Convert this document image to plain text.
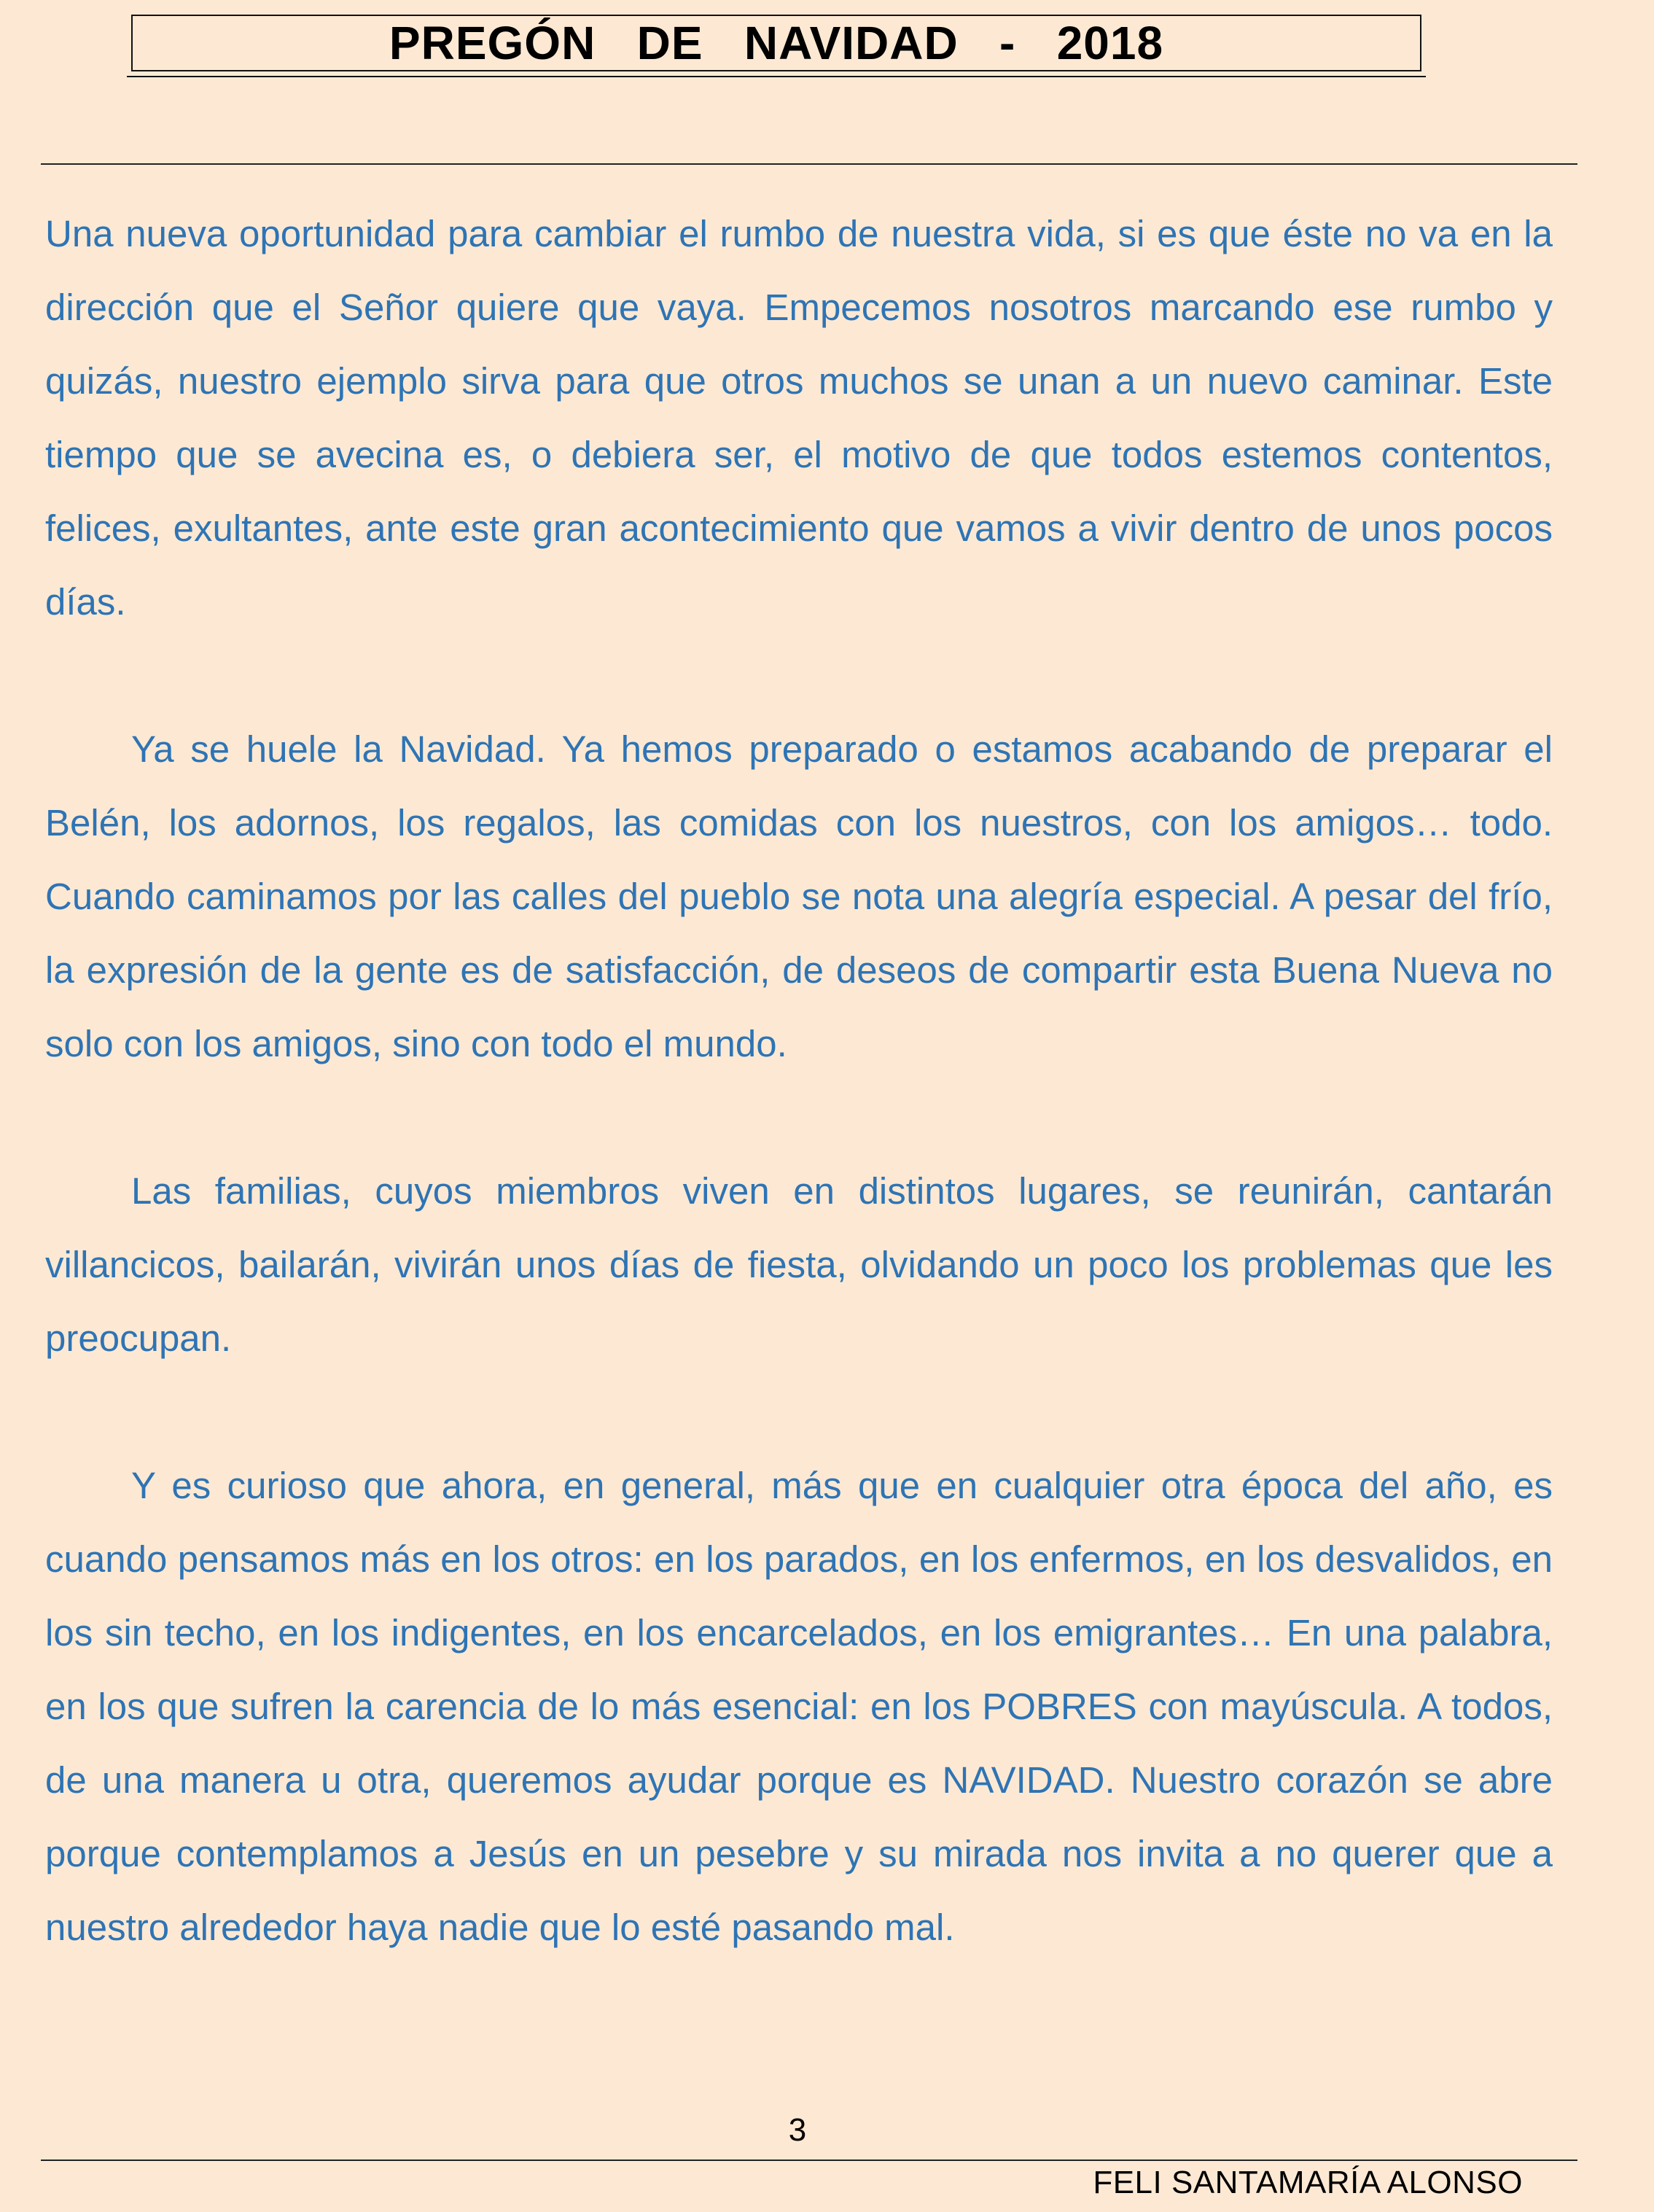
PREGÓN   DE   NAVIDAD   -   2018

Una nueva oportunidad para cambiar el rumbo de nuestra vida, si es que éste no va en la dirección que el Señor quiere que vaya. Empecemos nosotros marcando ese rumbo y quizás, nuestro ejemplo sirva para que otros muchos se unan a un nuevo caminar. Este tiempo que se avecina es, o debiera ser, el motivo de que todos estemos contentos, felices, exultantes, ante este gran acontecimiento que vamos a vivir dentro de unos pocos días.

Ya se huele la Navidad. Ya hemos preparado o estamos acabando de preparar el Belén, los adornos, los regalos, las comidas con los nuestros, con los amigos… todo. Cuando caminamos por las calles del pueblo se nota una alegría especial. A pesar del frío, la expresión de la gente es de satisfacción, de deseos de compartir esta Buena Nueva no solo con los amigos, sino con todo el mundo.

Las familias, cuyos miembros viven en distintos lugares, se reunirán, cantarán villancicos, bailarán, vivirán unos días de fiesta, olvidando un poco los problemas que les preocupan.

Y es curioso que ahora, en general, más que en cualquier otra época del año, es cuando pensamos más en los otros: en los parados, en los enfermos, en los desvalidos, en los sin techo, en los indigentes, en los encarcelados, en los emigrantes… En una palabra, en los que sufren la carencia de lo más esencial: en los POBRES con mayúscula. A todos, de una manera u otra, queremos ayudar porque es NAVIDAD. Nuestro corazón se abre porque contemplamos a Jesús en un pesebre y su mirada nos invita a no querer que a nuestro alrededor haya nadie que lo esté pasando mal.

3
FELI SANTAMARÍA ALONSO
